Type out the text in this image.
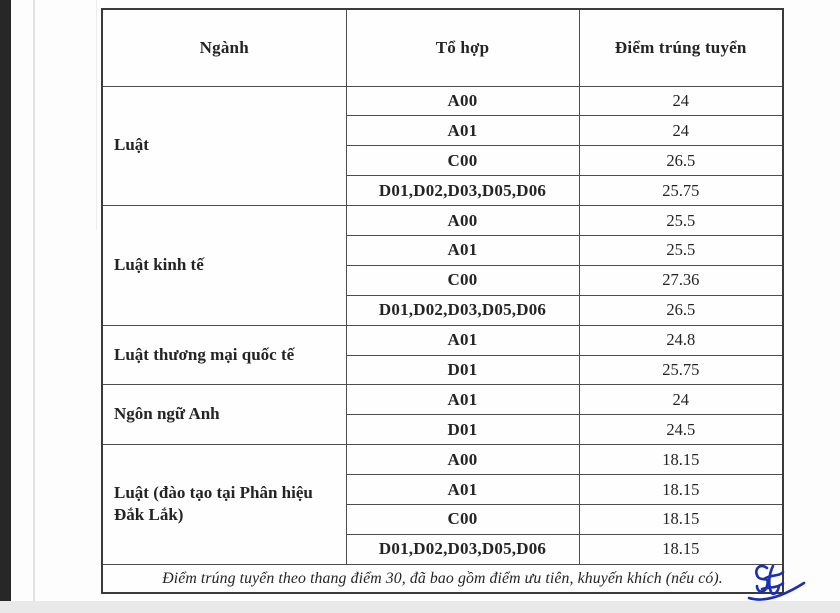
Ngành	Tổ hợp	Điểm trúng tuyển
Luật	A00	24
	A01	24
	C00	26.5
	D01,D02,D03,D05,D06	25.75
Luật kinh tế	A00	25.5
	A01	25.5
	C00	27.36
	D01,D02,D03,D05,D06	26.5
Luật thương mại quốc tế	A01	24.8
	D01	25.75
Ngôn ngữ Anh	A01	24
	D01	24.5
Luật (đào tạo tại Phân hiệu Đắk Lắk)	A00	18.15
	A01	18.15
	C00	18.15
	D01,D02,D03,D05,D06	18.15
Điểm trúng tuyển theo thang điểm 30, đã bao gồm điểm ưu tiên, khuyến khích (nếu có).		
